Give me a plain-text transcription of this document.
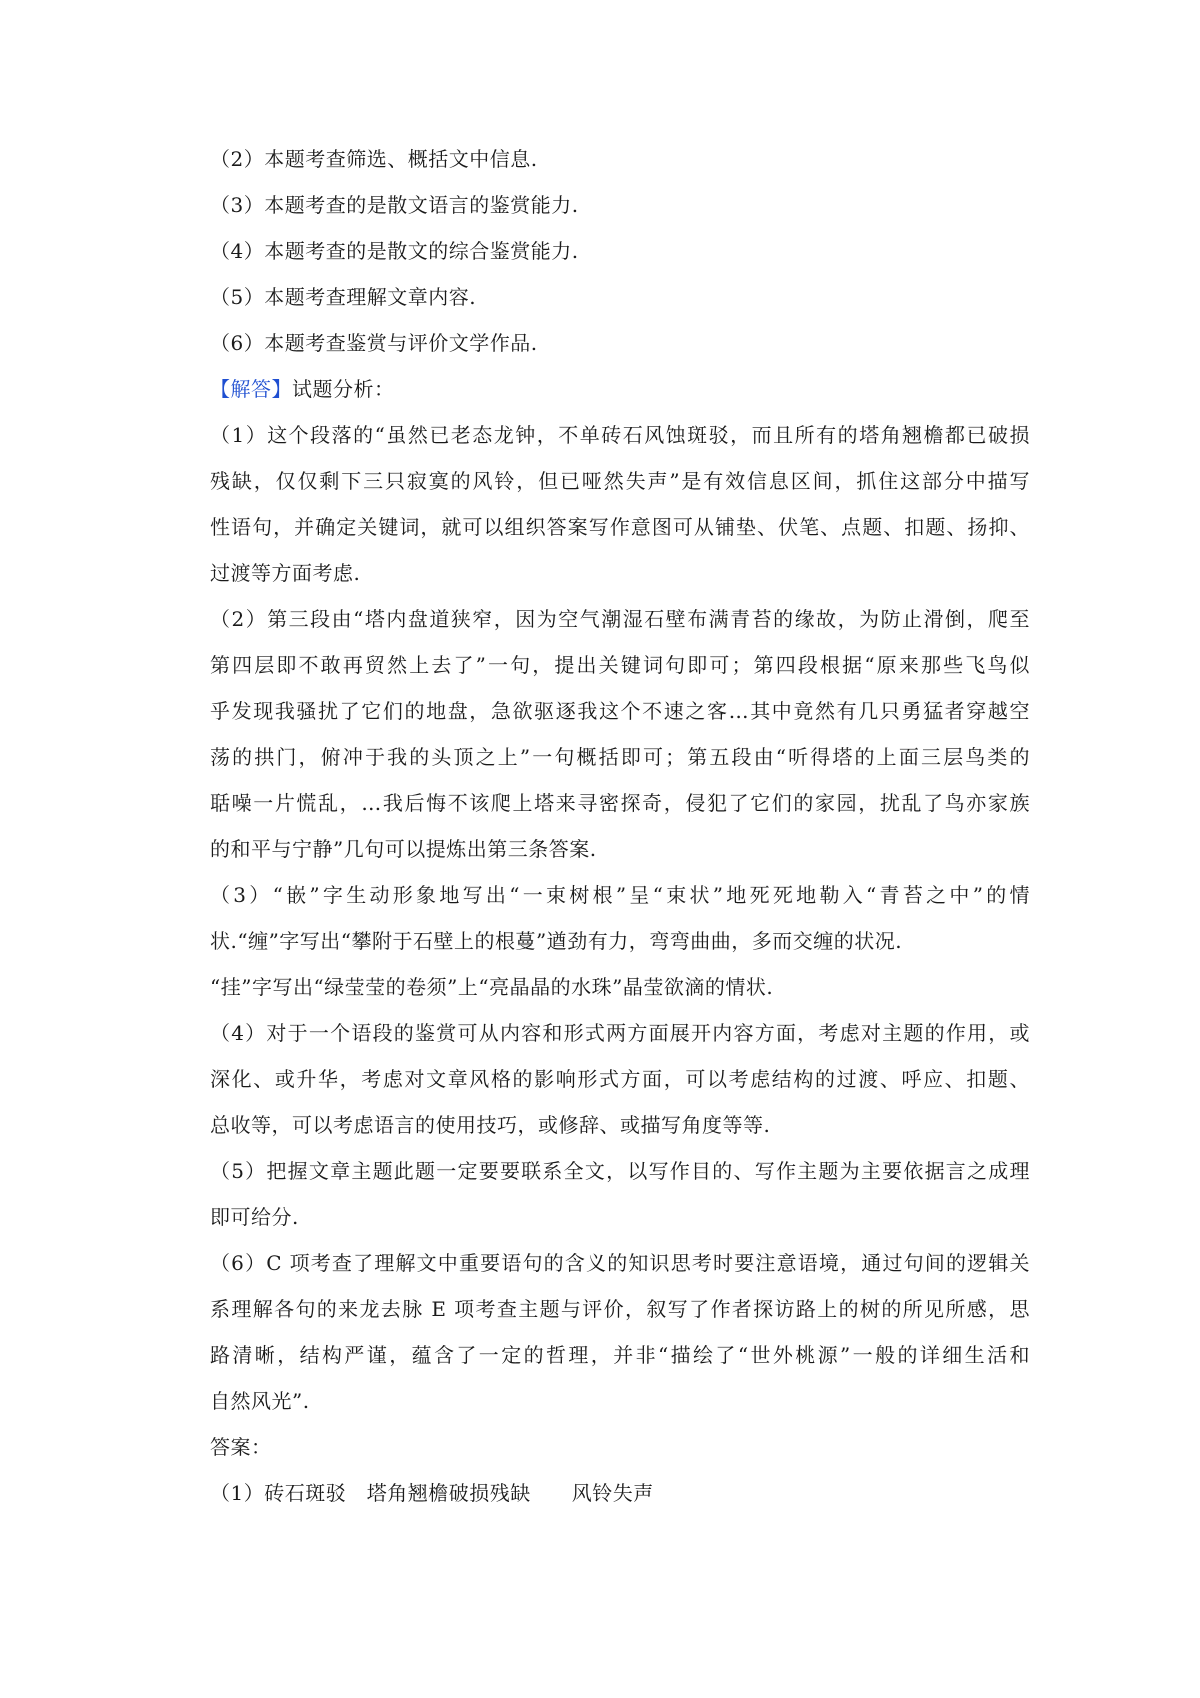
（2）本题考查筛选、概括文中信息.
（3）本题考查的是散文语言的鉴赏能力.
（4）本题考查的是散文的综合鉴赏能力.
（5）本题考查理解文章内容.
（6）本题考查鉴赏与评价文学作品.
【解答】试题分析：
（1）这个段落的“虽然已老态龙钟，不单砖石风蚀斑驳，而且所有的塔角翘檐都已破损
残缺，仅仅剩下三只寂寞的风铃，但已哑然失声”是有效信息区间，抓住这部分中描写
性语句，并确定关键词，就可以组织答案写作意图可从铺垫、伏笔、点题、扣题、扬抑、
过渡等方面考虑.
（2）第三段由“塔内盘道狭窄，因为空气潮湿石壁布满青苔的缘故，为防止滑倒，爬至
第四层即不敢再贸然上去了”一句，提出关键词句即可；第四段根据“原来那些飞鸟似
乎发现我骚扰了它们的地盘，急欲驱逐我这个不速之客…其中竟然有几只勇猛者穿越空
荡的拱门，俯冲于我的头顶之上”一句概括即可；第五段由“听得塔的上面三层鸟类的
聒噪一片慌乱，…我后悔不该爬上塔来寻密探奇，侵犯了它们的家园，扰乱了鸟亦家族
的和平与宁静”几句可以提炼出第三条答案.
（3）“嵌”字生动形象地写出“一束树根”呈“束状”地死死地勒入“青苔之中”的情
状.“缠”字写出“攀附于石壁上的根蔓”遒劲有力，弯弯曲曲，多而交缠的状况.
“挂”字写出“绿莹莹的卷须”上“亮晶晶的水珠”晶莹欲滴的情状.
（4）对于一个语段的鉴赏可从内容和形式两方面展开内容方面，考虑对主题的作用，或
深化、或升华，考虑对文章风格的影响形式方面，可以考虑结构的过渡、呼应、扣题、
总收等，可以考虑语言的使用技巧，或修辞、或描写角度等等.
（5）把握文章主题此题一定要要联系全文，以写作目的、写作主题为主要依据言之成理
即可给分.
（6）C 项考查了理解文中重要语句的含义的知识思考时要注意语境，通过句间的逻辑关
系理解各句的来龙去脉 E 项考查主题与评价，叙写了作者探访路上的树的所见所感，思
路清晰，结构严谨，蕴含了一定的哲理，并非“描绘了“世外桃源”一般的详细生活和
自然风光”.
答案：
（1）砖石斑驳　塔角翘檐破损残缺　　风铃失声
